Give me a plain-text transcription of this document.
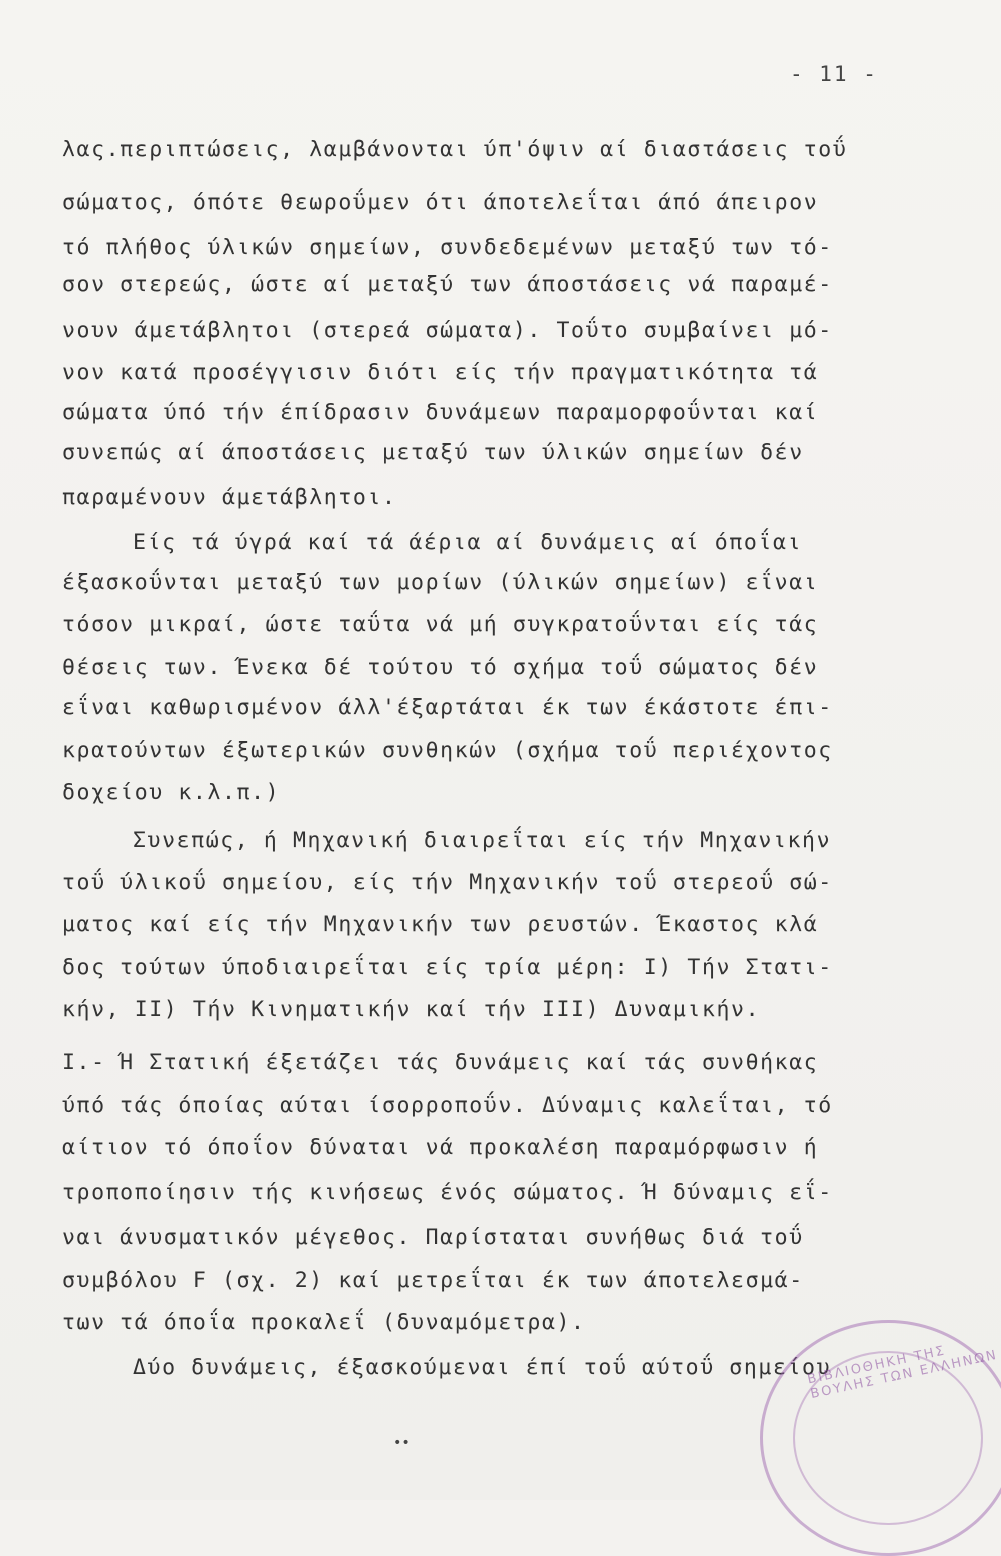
- 11 -
λας.περιπτώσεις, λαμβάνονται ύπ'όψιν αί διαστάσεις τοΰ
σώματος, όπότε θεωροΰμεν ότι άποτελεΐται άπό άπειρον
τό πλήθος ύλικών σημείων, συνδεδεμένων μεταξύ των τό-
σον στερεώς, ώστε αί μεταξύ των άποστάσεις νά παραμέ-
νουν άμετάβλητοι (στερεά σώματα). Τοΰτο συμβαίνει μό-
νον κατά προσέγγισιν διότι είς τήν πραγματικότητα τά
σώματα ύπό τήν έπίδρασιν δυνάμεων παραμορφοΰνται καί
συνεπώς αί άποστάσεις μεταξύ των ύλικών σημείων δέν
παραμένουν άμετάβλητοι.
Είς τά ύγρά καί τά άέρια αί δυνάμεις αί όποΐαι
έξασκοΰνται μεταξύ των μορίων (ύλικών σημείων) εΐναι
τόσον μικραί, ώστε ταΰτα νά μή συγκρατοΰνται είς τάς
θέσεις των. Ένεκα δέ τούτου τό σχήμα τοΰ σώματος δέν
εΐναι καθωρισμένον άλλ'έξαρτάται έκ των έκάστοτε έπι-
κρατούντων έξωτερικών συνθηκών (σχήμα τοΰ περιέχοντος
δοχείου κ.λ.π.)
Συνεπώς, ή Μηχανική διαιρεΐται είς τήν Μηχανικήν
τοΰ ύλικοΰ σημείου, είς τήν Μηχανικήν τοΰ στερεοΰ σώ-
ματος καί είς τήν Μηχανικήν των ρευστών. Έκαστος κλά
δος τούτων ύποδιαιρεΐται είς τρία μέρη: Ι) Τήν Στατι-
κήν, ΙΙ) Τήν Κινηματικήν καί τήν ΙΙΙ) Δυναμικήν.
Ι.- Ή Στατική έξετάζει τάς δυνάμεις καί τάς συνθήκας
ύπό τάς όποίας αύται ίσορροποΰν. Δύναμις καλεΐται, τό
αίτιον τό όποΐον δύναται νά προκαλέση παραμόρφωσιν ή
τροποποίησιν τής κινήσεως ένός σώματος. Ή δύναμις εΐ-
ναι άνυσματικόν μέγεθος. Παρίσταται συνήθως διά τοΰ
συμβόλου F (σχ. 2) καί μετρεΐται έκ των άποτελεσμά-
των τά όποΐα προκαλεΐ (δυναμόμετρα).
Δύο δυνάμεις, έξασκούμεναι έπί τοΰ αύτοΰ σημείου
ΒΙΒΛΙΟΘΗΚΗ ΤΗΣ ΒΟΥΛΗΣ ΤΩΝ ΕΛΛΗΝΩΝ
••
